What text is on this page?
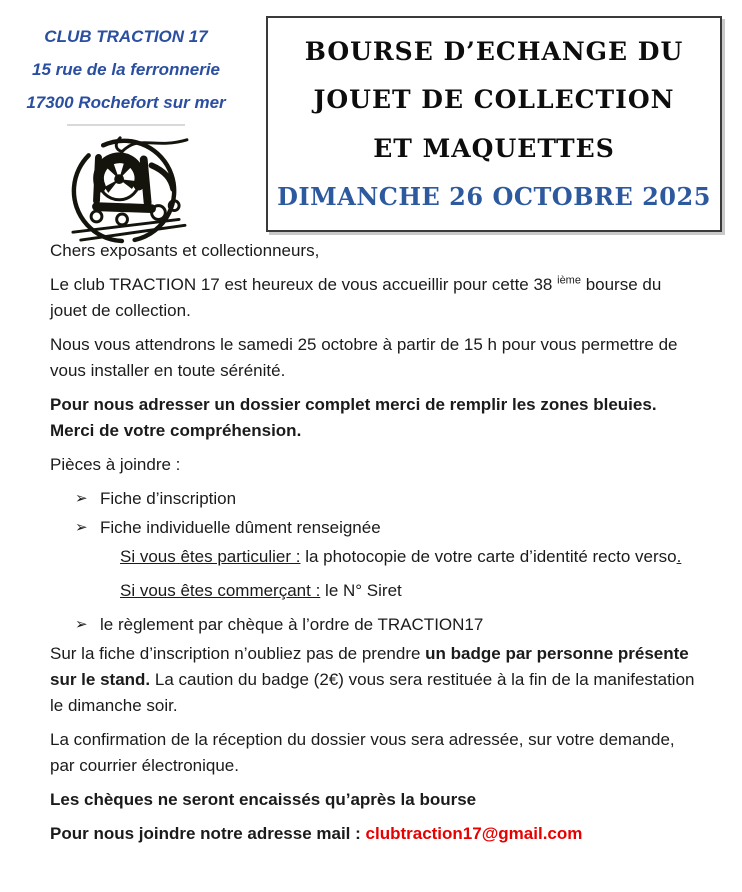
CLUB TRACTION 17
15 rue de la ferronnerie
17300 Rochefort sur mer
BOURSE D’ECHANGE DU
JOUET DE COLLECTION
ET MAQUETTES
DIMANCHE 26 OCTOBRE 2025

Chers exposants et collectionneurs,

Le club TRACTION 17 est heureux de vous accueillir pour cette 38 $^{ième}$ bourse du jouet de collection.

Nous vous attendrons le samedi 25 octobre à partir de 15 h pour vous permettre de vous installer en toute sérénité.

Pour nous adresser un dossier complet merci de remplir les zones bleuies. Merci de votre compréhension.

Pièces à joindre :

➢ Fiche d’inscription

➢ Fiche individuelle dûment renseignée

Si vous êtes particulier : la photocopie de votre carte d’identité recto verso.

Si vous êtes commerçant : le N° Siret

➢ le règlement par chèque à l’ordre de TRACTION17

Sur la fiche d’inscription n’oubliez pas de prendre un badge par personne présente sur le stand. La caution du badge (2€) vous sera restituée à la fin de la manifestation le dimanche soir.

La confirmation de la réception du dossier vous sera adressée, sur votre demande, par courrier électronique.

Les chèques ne seront encaissés qu’après la bourse

Pour nous joindre notre adresse mail : clubtraction17@gmail.com
